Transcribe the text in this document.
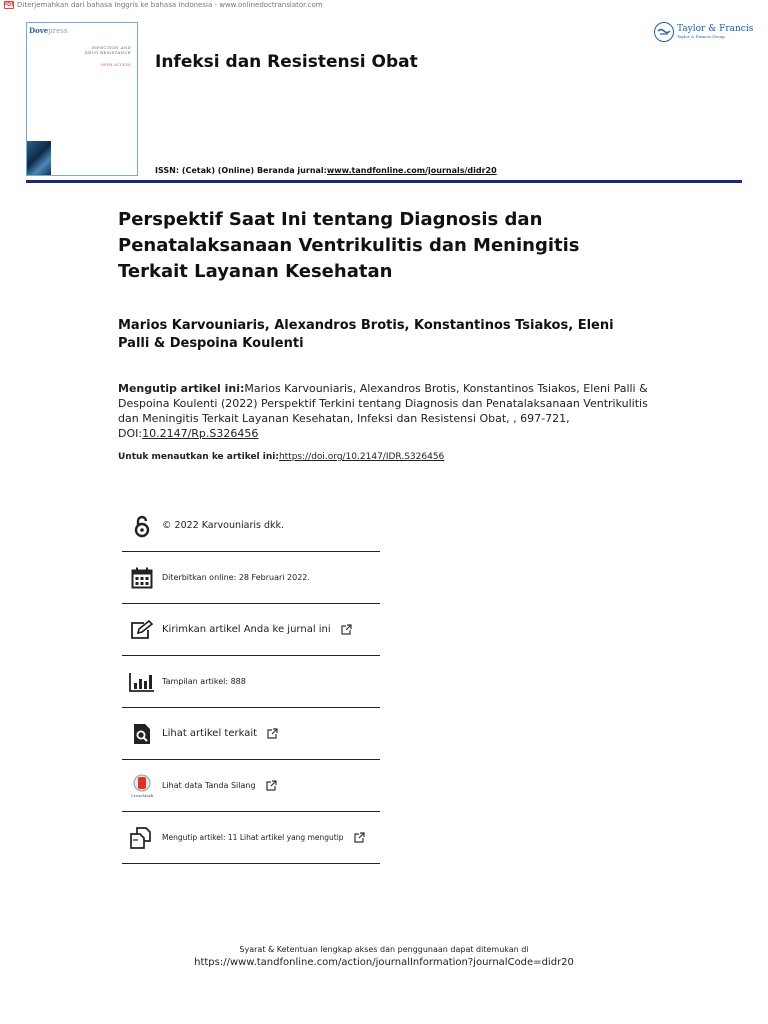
PDF Diterjemahkan dari bahasa Inggris ke bahasa Indonesia - www.onlinedoctranslator.com
Dovepress
INFECTION AND
DRUG RESISTANCE
OPEN ACCESS Infeksi dan Resistensi Obat
ISSN: (Cetak) (Online) Beranda jurnal:www.tandfonline.com/journals/didr20
Taylor & Francis
Taylor & Francis Group
Perspektif Saat Ini tentang Diagnosis dan Penatalaksanaan Ventrikulitis dan Meningitis Terkait Layanan Kesehatan
Marios Karvouniaris, Alexandros Brotis, Konstantinos Tsiakos, Eleni Palli & Despoina Koulenti
Mengutip artikel ini:Marios Karvouniaris, Alexandros Brotis, Konstantinos Tsiakos, Eleni Palli & Despoina Koulenti (2022) Perspektif Terkini tentang Diagnosis dan Penatalaksanaan Ventrikulitis dan Meningitis Terkait Layanan Kesehatan, Infeksi dan Resistensi Obat, , 697-721, DOI:10.2147/Rp.S326456
Untuk menautkan ke artikel ini:https://doi.org/10.2147/IDR.S326456
© 2022 Karvouniaris dkk.
Diterbitkan online: 28 Februari 2022.
Kirimkan artikel Anda ke jurnal ini
Tampilan artikel: 888
Lihat artikel terkait
CrossMark
Lihat data Tanda Silang
Mengutip artikel: 11 Lihat artikel yang mengutip
Syarat & Ketentuan lengkap akses dan penggunaan dapat ditemukan di
https://www.tandfonline.com/action/journalInformation?journalCode=didr20
